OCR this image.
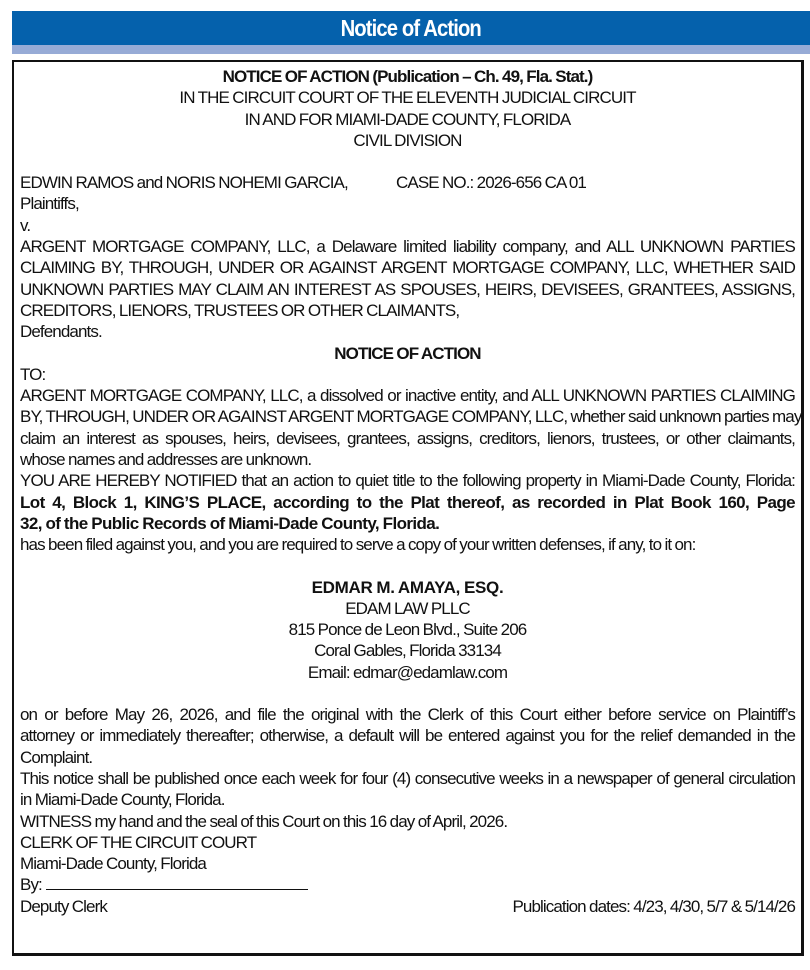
Notice of Action
NOTICE OF ACTION (Publication – Ch. 49, Fla. Stat.)
IN THE CIRCUIT COURT OF THE ELEVENTH JUDICIAL CIRCUIT
IN AND FOR MIAMI-DADE COUNTY, FLORIDA
CIVIL DIVISION
EDWIN RAMOS and NORIS NOHEMI GARCIA,	CASE NO.: 2026-656 CA 01
Plaintiffs,
v.
ARGENT MORTGAGE COMPANY, LLC, a Delaware limited liability company, and ALL UNKNOWN PARTIES
CLAIMING BY, THROUGH, UNDER OR AGAINST ARGENT MORTGAGE COMPANY, LLC, WHETHER SAID
UNKNOWN PARTIES MAY CLAIM AN INTEREST AS SPOUSES, HEIRS, DEVISEES, GRANTEES, ASSIGNS,
CREDITORS, LIENORS, TRUSTEES OR OTHER CLAIMANTS,
Defendants.
NOTICE OF ACTION
TO:
ARGENT MORTGAGE COMPANY, LLC, a dissolved or inactive entity, and ALL UNKNOWN PARTIES CLAIMING
BY, THROUGH, UNDER OR AGAINST ARGENT MORTGAGE COMPANY, LLC, whether said unknown parties may
claim an interest as spouses, heirs, devisees, grantees, assigns, creditors, lienors, trustees, or other claimants,
whose names and addresses are unknown.
YOU ARE HEREBY NOTIFIED that an action to quiet title to the following property in Miami-Dade County, Florida:
Lot 4, Block 1, KING’S PLACE, according to the Plat thereof, as recorded in Plat Book 160, Page
32, of the Public Records of Miami-Dade County, Florida.
has been filed against you, and you are required to serve a copy of your written defenses, if any, to it on:
EDMAR M. AMAYA, ESQ.
EDAM LAW PLLC
815 Ponce de Leon Blvd., Suite 206
Coral Gables, Florida 33134
Email: edmar@edamlaw.com
on or before May 26, 2026, and file the original with the Clerk of this Court either before service on Plaintiff’s
attorney or immediately thereafter; otherwise, a default will be entered against you for the relief demanded in the
Complaint.
This notice shall be published once each week for four (4) consecutive weeks in a newspaper of general circulation
in Miami-Dade County, Florida.
WITNESS my hand and the seal of this Court on this 16 day of April, 2026.
CLERK OF THE CIRCUIT COURT
Miami-Dade County, Florida
By:
Deputy Clerk	Publication dates: 4/23, 4/30, 5/7 & 5/14/26
